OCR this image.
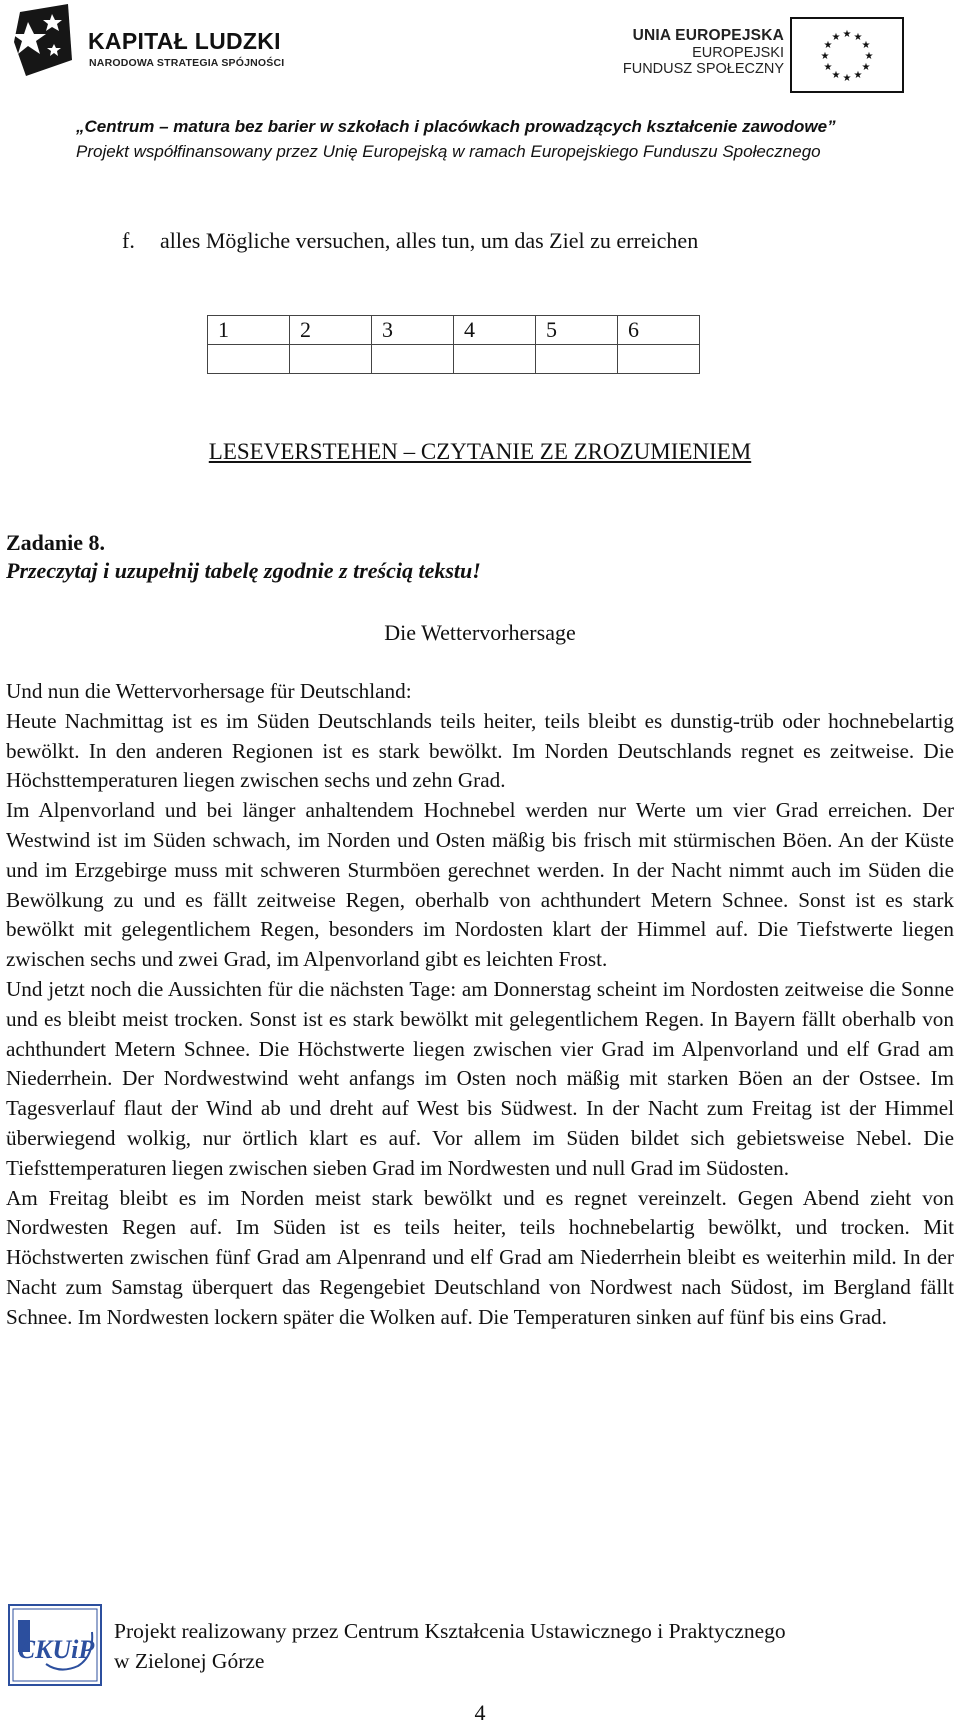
KAPITAŁ LUDZKI
NARODOWA STRATEGIA SPÓJNOŚCI
UNIA EUROPEJSKA
EUROPEJSKI
FUNDUSZ SPOŁECZNY
★ ★
★
★
★
★
★
★
★
★
★
★
„Centrum – matura bez barier w szkołach i placówkach prowadzących kształcenie zawodowe”
Projekt współfinansowany przez Unię Europejską w ramach Europejskiego Funduszu Społecznego
f. alles Mögliche versuchen, alles tun, um das Ziel zu erreichen
1	2	3	4	5	6

LESEVERSTEHEN – CZYTANIE ZE ZROZUMIENIEM
Zadanie 8.
Przeczytaj i uzupełnij tabelę zgodnie z treścią tekstu!
Die Wettervorhersage

Und nun die Wettervorhersage für Deutschland:

Heute Nachmittag ist es im Süden Deutschlands teils heiter, teils bleibt es dunstig-trüb oder hochnebelartig bewölkt. In den anderen Regionen ist es stark bewölkt. Im Norden Deutschlands regnet es zeitweise. Die Höchsttemperaturen liegen zwischen sechs und zehn Grad.

Im Alpenvorland und bei länger anhaltendem Hochnebel werden nur Werte um vier Grad erreichen. Der Westwind ist im Süden schwach, im Norden und Osten mäßig bis frisch mit stürmischen Böen. An der Küste und im Erzgebirge muss mit schweren Sturmböen gerechnet werden. In der Nacht nimmt auch im Süden die Bewölkung zu und es fällt zeitweise Regen, oberhalb von achthundert Metern Schnee. Sonst ist es stark bewölkt mit gelegentlichem Regen, besonders im Nordosten klart der Himmel auf. Die Tiefstwerte liegen zwischen sechs und zwei Grad, im Alpenvorland gibt es leichten Frost.

Und jetzt noch die Aussichten für die nächsten Tage: am Donnerstag scheint im Nordosten zeitweise die Sonne und es bleibt meist trocken. Sonst ist es stark bewölkt mit gelegentlichem Regen. In Bayern fällt oberhalb von achthundert Metern Schnee. Die Höchstwerte liegen zwischen vier Grad im Alpenvorland und elf Grad am Niederrhein. Der Nordwestwind weht anfangs im Osten noch mäßig mit starken Böen an der Ostsee. Im Tagesverlauf flaut der Wind ab und dreht auf West bis Südwest. In der Nacht zum Freitag ist der Himmel überwiegend wolkig, nur örtlich klart es auf. Vor allem im Süden bildet sich gebietsweise Nebel. Die Tiefsttemperaturen liegen zwischen sieben Grad im Nordwesten und null Grad im Südosten.

Am Freitag bleibt es im Norden meist stark bewölkt und es regnet vereinzelt. Gegen Abend zieht von Nordwesten Regen auf. Im Süden ist es teils heiter, teils hochnebelartig bewölkt, und trocken. Mit Höchstwerten zwischen fünf Grad am Alpenrand und elf Grad am Niederrhein bleibt es weiterhin mild. In der Nacht zum Samstag überquert das Regengebiet Deutschland von Nordwest nach Südost, im Bergland fällt Schnee. Im Nordwesten lockern später die Wolken auf. Die Temperaturen sinken auf fünf bis eins Grad.

CKUiP
Projekt realizowany przez Centrum Kształcenia Ustawicznego i Praktycznego
w Zielonej Górze
4
